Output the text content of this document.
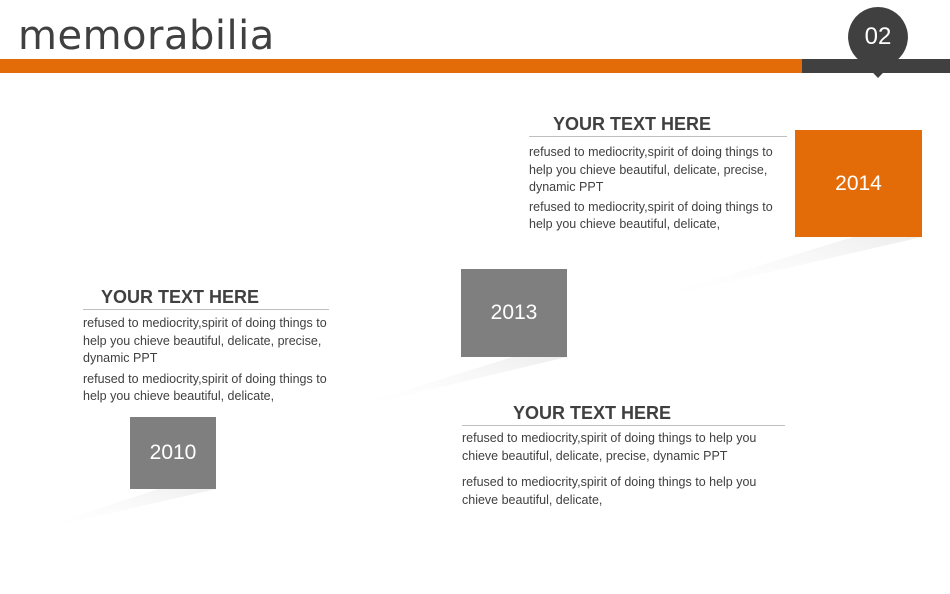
memorabilia	02
2010
2013
2014
YOUR TEXT HERE

refused to mediocrity,spirit of doing things to help you chieve beautiful, delicate, precise, dynamic PPT

refused to mediocrity,spirit of doing things to help you chieve beautiful, delicate,

YOUR TEXT HERE

refused to mediocrity,spirit of doing things to help you chieve beautiful, delicate, precise, dynamic PPT

refused to mediocrity,spirit of doing things to help you chieve beautiful, delicate,

YOUR TEXT HERE

refused to mediocrity,spirit of doing things to help you chieve beautiful, delicate, precise, dynamic PPT

refused to mediocrity,spirit of doing things to help you chieve beautiful, delicate,
